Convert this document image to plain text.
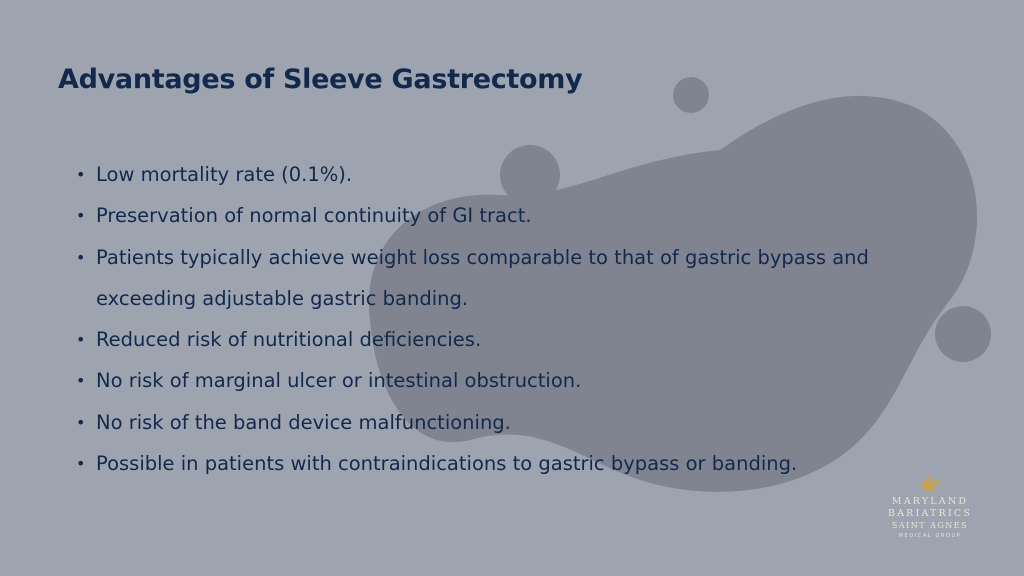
Advantages of Sleeve Gastrectomy
• Low mortality rate (0.1%).
• Preservation of normal continuity of GI tract.
• Patients typically achieve weight loss comparable to that of gastric bypass and exceeding adjustable gastric banding.
• Reduced risk of nutritional deficiencies.
• No risk of marginal ulcer or intestinal obstruction.
• No risk of the band device malfunctioning.
• Possible in patients with contraindications to gastric bypass or banding.
MARYLAND
BARIATRICS
SAINT AGNES
MEDICAL GROUP
